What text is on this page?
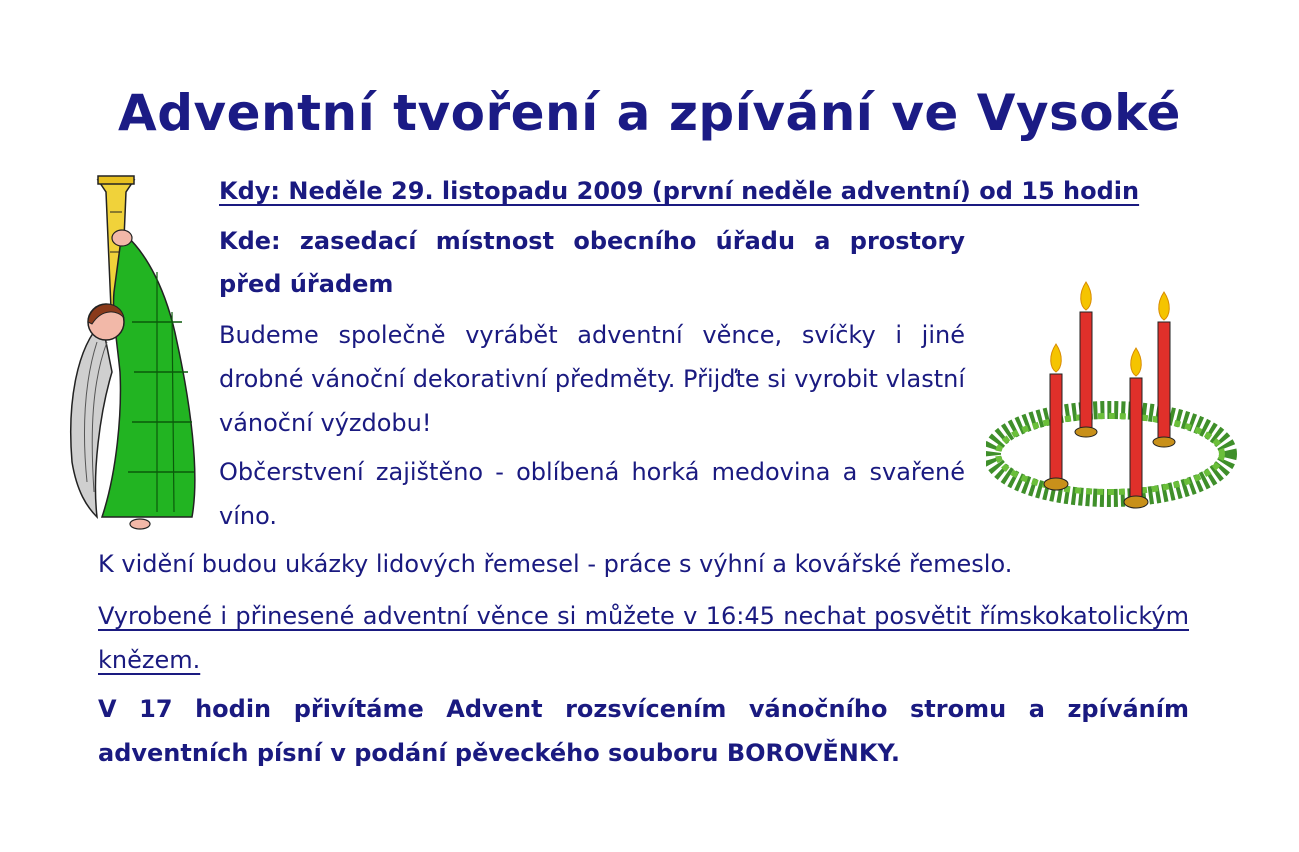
Adventní tvoření a zpívání ve Vysoké
Kdy: Neděle 29. listopadu 2009 (první neděle adventní) od 15 hodin
Kde: zasedací místnost obecního úřadu a prostory před úřadem
Budeme společně vyrábět adventní věnce, svíčky i jiné drobné vánoční dekorativní předměty. Přijďte si vyrobit vlastní vánoční výzdobu!
Občerstvení zajištěno - oblíbená horká medovina a svařené víno.
K vidění budou ukázky lidových řemesel - práce s výhní a kovářské řemeslo.
Vyrobené i přinesené adventní věnce si můžete v 16:45 nechat posvětit římskokatolickým knězem.
V 17 hodin přivítáme Advent rozsvícením vánočního stromu a zpíváním adventních písní v podání pěveckého souboru BOROVĚNKY.
